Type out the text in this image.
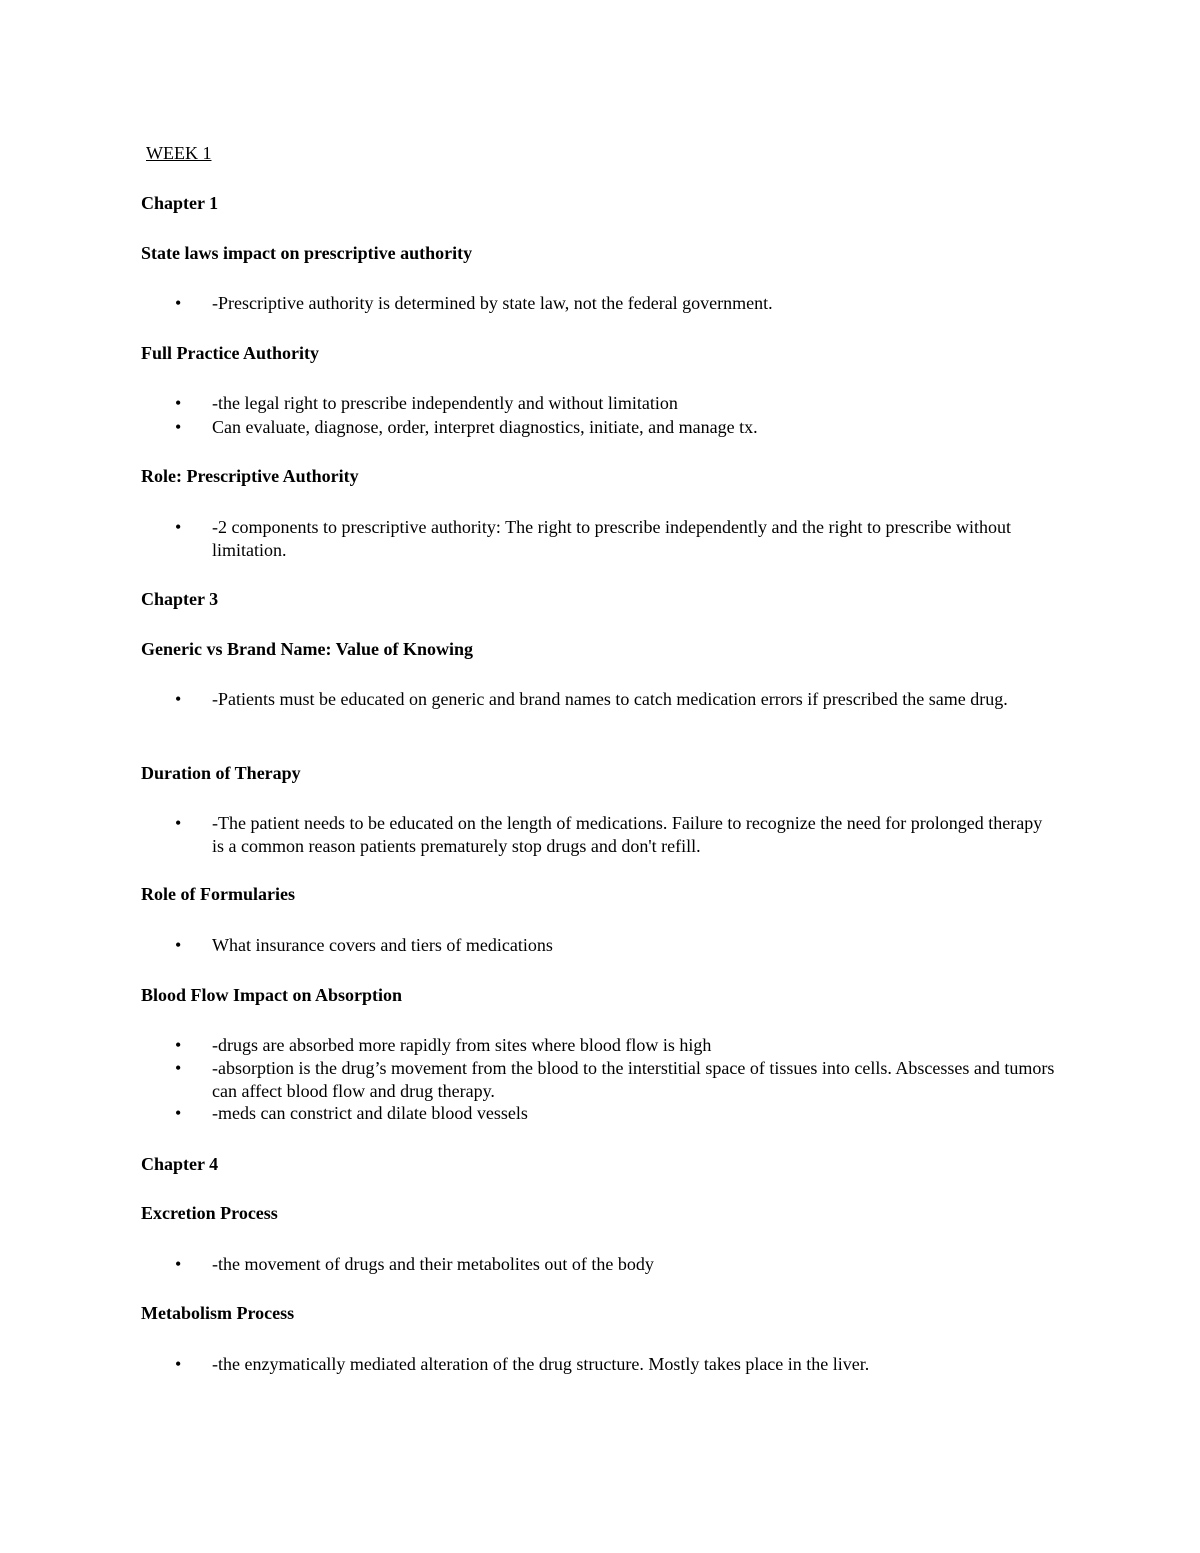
WEEK 1
Chapter 1
State laws impact on prescriptive authority
•	-Prescriptive authority is determined by state law, not the federal government.
Full Practice Authority
•	-the legal right to prescribe independently and without limitation
•	Can evaluate, diagnose, order, interpret diagnostics, initiate, and manage tx.
Role: Prescriptive Authority
•	-2 components to prescriptive authority: The right to prescribe independently and the right to prescribe without limitation.
Chapter 3
Generic vs Brand Name: Value of Knowing
•	-Patients must be educated on generic and brand names to catch medication errors if prescribed the same drug.
Duration of Therapy
•	-The patient needs to be educated on the length of medications. Failure to recognize the need for prolonged therapy is a common reason patients prematurely stop drugs and don't refill.
Role of Formularies
•	What insurance covers and tiers of medications
Blood Flow Impact on Absorption
•	-drugs are absorbed more rapidly from sites where blood flow is high
•	-absorption is the drug’s movement from the blood to the interstitial space of tissues into cells. Abscesses and tumors can affect blood flow and drug therapy.
•	-meds can constrict and dilate blood vessels
Chapter 4
Excretion Process
•	-the movement of drugs and their metabolites out of the body
Metabolism Process
•	-the enzymatically mediated alteration of the drug structure. Mostly takes place in the liver.
